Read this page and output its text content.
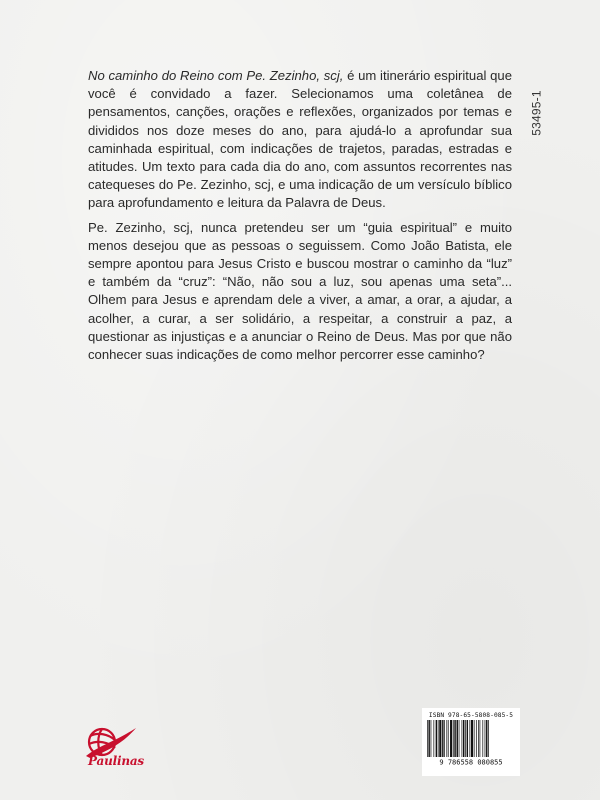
53495-1

No caminho do Reino com Pe. Zezinho, scj, é um itinerário espiritual que você é convidado a fazer. Selecionamos uma coletânea de pensamentos, canções, orações e reflexões, organizados por temas e divididos nos doze meses do ano, para ajudá-lo a aprofundar sua caminhada espiritual, com indicações de trajetos, paradas, estradas e atitudes. Um texto para cada dia do ano, com assuntos recorrentes nas catequeses do Pe. Zezinho, scj, e uma indicação de um versículo bíblico para aprofundamento e leitura da Palavra de Deus.

Pe. Zezinho, scj, nunca pretendeu ser um “guia espiritual” e muito menos desejou que as pessoas o seguissem. Como João Batista, ele sempre apontou para Jesus Cristo e buscou mostrar o caminho da “luz” e também da “cruz”: “Não, não sou a luz, sou apenas uma seta”... Olhem para Jesus e aprendam dele a viver, a amar, a orar, a ajudar, a acolher, a curar, a ser solidário, a respeitar, a construir a paz, a questionar as injustiças e a anunciar o Reino de Deus. Mas por que não conhecer suas indicações de como melhor percorrer esse caminho?

Paulinas
ISBN 978-65-5808-085-5
9 786558 080855
